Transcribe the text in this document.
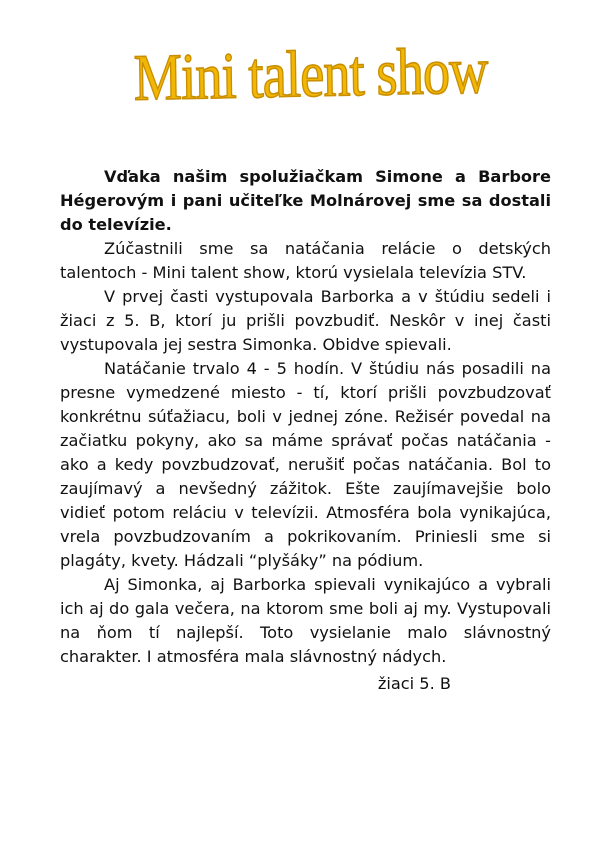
Mini talent show

Vďaka našim spolužiačkam Simone a Barbore Hégerovým i pani učiteľke Molnárovej sme sa dostali do televízie.

Zúčastnili sme sa natáčania relácie o detských talentoch - Mini talent show, ktorú vysielala televízia STV.

V prvej časti vystupovala Barborka a v štúdiu sedeli i žiaci z 5. B, ktorí ju prišli povzbudiť. Neskôr v inej časti vystupovala jej sestra Simonka. Obidve spievali.

Natáčanie trvalo 4 - 5 hodín. V štúdiu nás posadili na presne vymedzené miesto - tí, ktorí prišli povzbudzovať konkrétnu súťažiacu, boli v jednej zóne. Režisér povedal na začiatku pokyny, ako sa máme správať počas natáčania - ako a kedy povzbudzovať, nerušiť počas natáčania. Bol to zaujímavý a nevšedný zážitok. Ešte zaujímavejšie bolo vidieť potom reláciu v televízii. Atmosféra bola vynikajúca, vrela povzbudzovaním a pokrikovaním. Priniesli sme si plagáty, kvety. Hádzali “plyšáky” na pódium.

Aj Simonka, aj Barborka spievali vynikajúco a vybrali ich aj do gala večera, na ktorom sme boli aj my. Vystupovali na ňom tí najlepší. Toto vysielanie malo slávnostný charakter. I atmosféra mala slávnostný nádych.

žiaci 5. B
